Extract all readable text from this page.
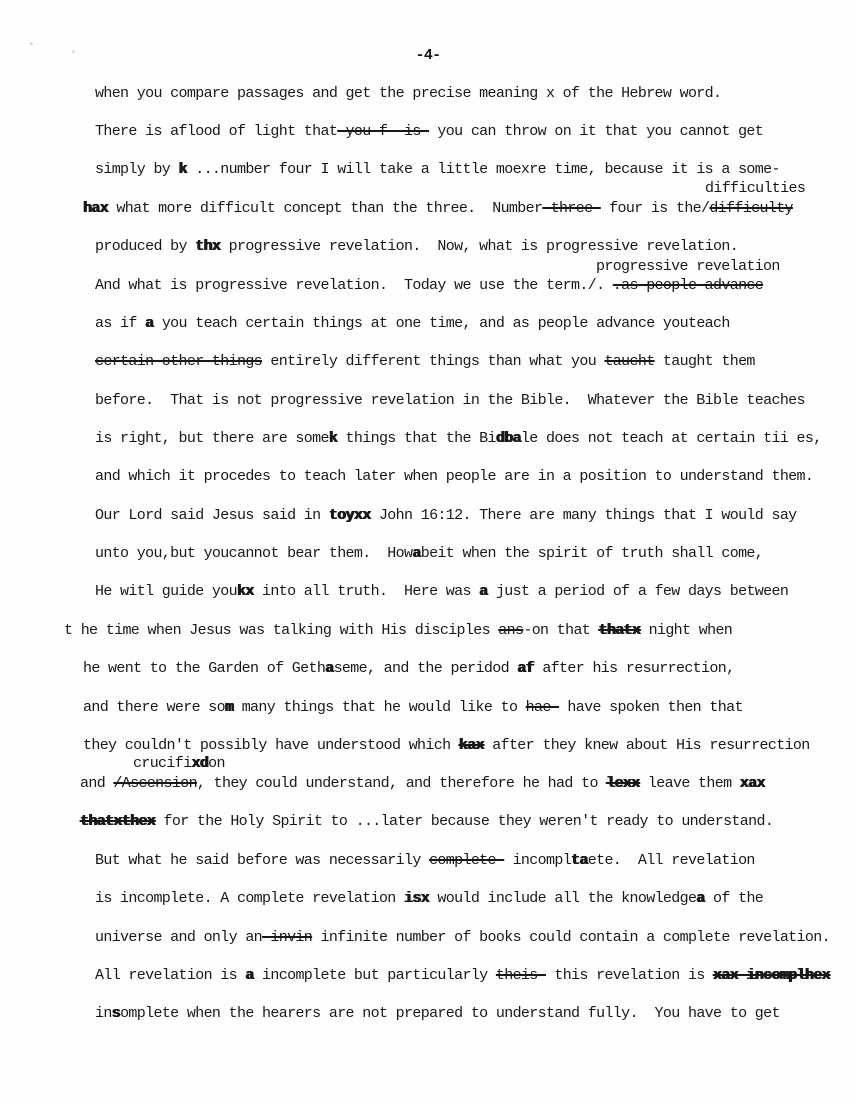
-4-
when you compare passages and get the precise meaning x of the Hebrew word.
There is aflood of light that-you f--is- you can throw on it that you cannot get
simply by k ...number four I will take a little moexre time, because it is a some-
difficulties
hax what more difficult concept than the three.  Number-three- four is the/difficulty
produced by thx progressive revelation.  Now, what is progressive revelation.
progressive revelation
And what is progressive revelation.  Today we use the term./. .as people advance
as if a you teach certain things at one time, and as people advance youteach
certain other things entirely different things than what you taucht taught them
before.  That is not progressive revelation in the Bible.  Whatever the Bible teaches
is right, but there are somek things that the Bidbale does not teach at certain tii es,
and which it procedes to teach later when people are in a position to understand them.
Our Lord said Jesus said in toyxx John 16:12. There are many things that I would say
unto you,but youcannot bear them.  Howabeit when the spirit of truth shall come,
He witl guide youkx into all truth.  Here was a just a period of a few days between
t he time when Jesus was talking with His disciples ans-on that thatx night when
he went to the Garden of Gethaseme, and the peridod af after his resurrection,
and there were som many things that he would like to hae- have spoken then that
they couldn't possibly have understood which kax after they knew about His resurrection
crucifixdon
and /Ascension, they could understand, and therefore he had to lexx leave them xax
thatxthex for the Holy Spirit to ...later because they weren't ready to understand.
But what he said before was necessarily complete- incompltaete.  All revelation
is incomplete. A complete revelation isx would include all the knowledgea of the
universe and only an-invin infinite number of books could contain a complete revelation.
All revelation is a incomplete but particularly theis- this revelation is xax incomplhex
insomplete when the hearers are not prepared to understand fully.  You have to get
